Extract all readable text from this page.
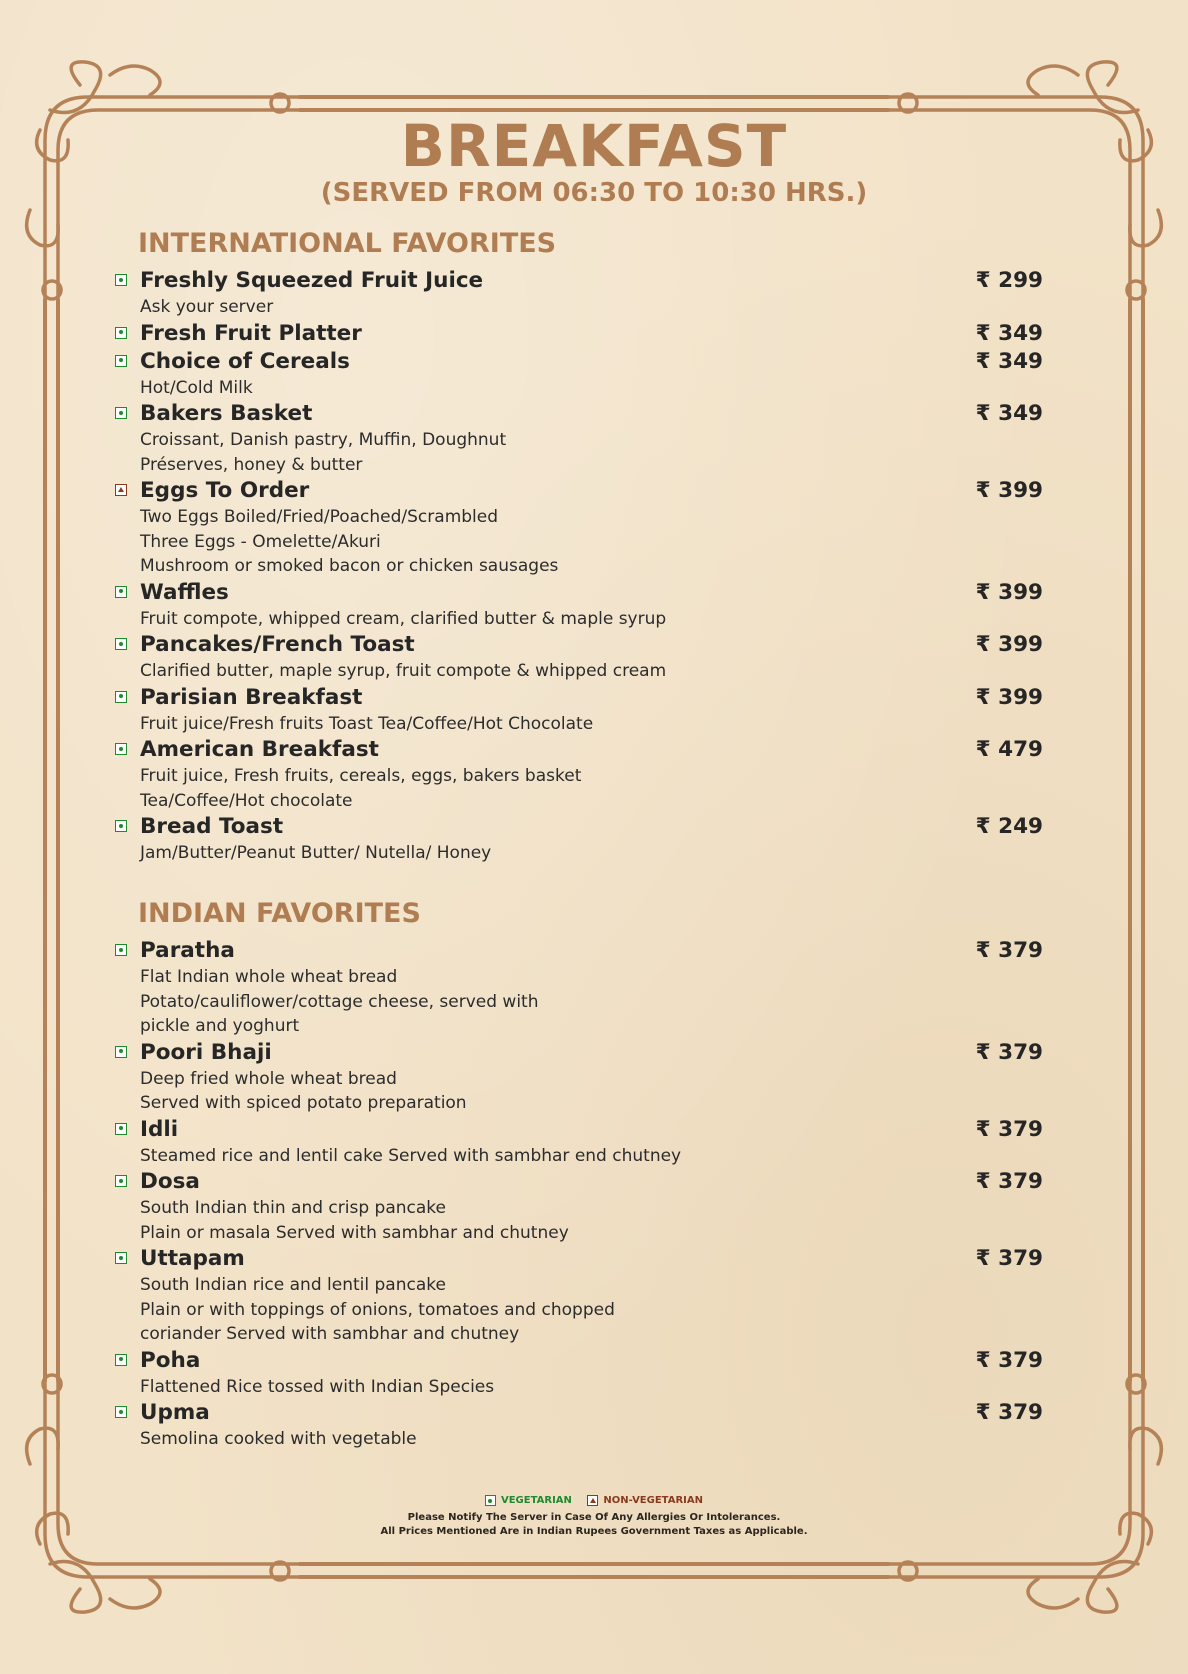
BREAKFAST
(SERVED FROM 06:30 TO 10:30 HRS.)
INTERNATIONAL FAVORITES
Freshly Squeezed Fruit Juice	₹ 299
Ask your server
Fresh Fruit Platter	₹ 349
Choice of Cereals	₹ 349
Hot/Cold Milk
Bakers Basket	₹ 349
Croissant, Danish pastry, Muffin, Doughnut
Préserves, honey & butter
Eggs To Order	₹ 399
Two Eggs Boiled/Fried/Poached/Scrambled
Three Eggs - Omelette/Akuri
Mushroom or smoked bacon or chicken sausages
Waffles	₹ 399
Fruit compote, whipped cream, clarified butter & maple syrup
Pancakes/French Toast	₹ 399
Clarified butter, maple syrup, fruit compote & whipped cream
Parisian Breakfast	₹ 399
Fruit juice/Fresh fruits Toast Tea/Coffee/Hot Chocolate
American Breakfast	₹ 479
Fruit juice, Fresh fruits, cereals, eggs, bakers basket
Tea/Coffee/Hot chocolate
Bread Toast	₹ 249
Jam/Butter/Peanut Butter/ Nutella/ Honey
INDIAN FAVORITES
Paratha	₹ 379
Flat Indian whole wheat bread
Potato/cauliflower/cottage cheese, served with
pickle and yoghurt
Poori Bhaji	₹ 379
Deep fried whole wheat bread
Served with spiced potato preparation
Idli	₹ 379
Steamed rice and lentil cake Served with sambhar end chutney
Dosa	₹ 379
South Indian thin and crisp pancake
Plain or masala Served with sambhar and chutney
Uttapam	₹ 379
South Indian rice and lentil pancake
Plain or with toppings of onions, tomatoes and chopped
coriander Served with sambhar and chutney
Poha	₹ 379
Flattened Rice tossed with Indian Species
Upma	₹ 379
Semolina cooked with vegetable
VEGETARIAN	NON-VEGETARIAN
Please Notify The Server in Case Of Any Allergies Or Intolerances.
All Prices Mentioned Are in Indian Rupees Government Taxes as Applicable.
